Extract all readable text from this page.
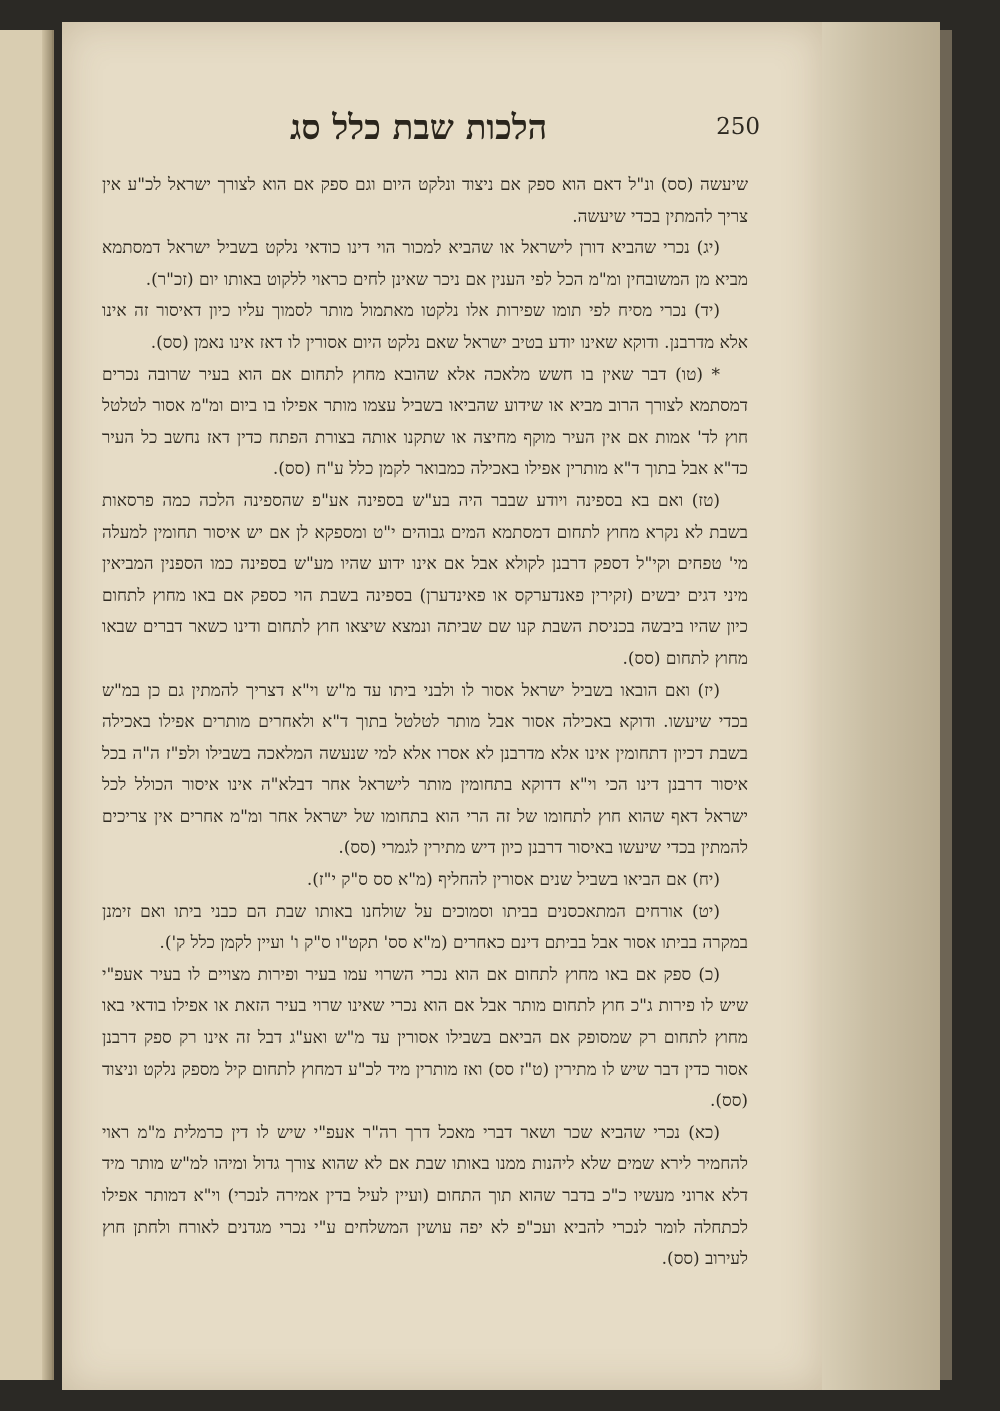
הלכות שבת כלל סג	250

שיעשה (סס) ונ"ל דאם הוא ספק אם ניצוד ונלקט היום וגם ספק אם הוא לצורך ישראל לכ"ע אין צריך להמתין בכדי שיעשה.

(יג) נכרי שהביא דורן לישראל או שהביא למכור הוי דינו כודאי נלקט בשביל ישראל דמסתמא מביא מן המשובחין ומ"מ הכל לפי הענין אם ניכר שאינן לחים כראוי ללקוט באותו יום (זכ"ר).

(יד) נכרי מסיח לפי תומו שפירות אלו נלקטו מאתמול מותר לסמוך עליו כיון דאיסור זה אינו אלא מדרבנן. ודוקא שאינו יודע בטיב ישראל שאם נלקט היום אסורין לו דאז אינו נאמן (סס).

* (טו) דבר שאין בו חשש מלאכה אלא שהובא מחוץ לתחום אם הוא בעיר שרובה נכרים דמסתמא לצורך הרוב מביא או שידוע שהביאו בשביל עצמו מותר אפילו בו ביום ומ"מ אסור לטלטל חוץ לד' אמות אם אין העיר מוקף מחיצה או שתקנו אותה בצורת הפתח כדין דאז נחשב כל העיר כד"א אבל בתוך ד"א מותרין אפילו באכילה כמבואר לקמן כלל ע"ח (סס).

(טז) ואם בא בספינה ויודע שבבר היה בע"ש בספינה אע"פ שהספינה הלכה כמה פרסאות בשבת לא נקרא מחוץ לתחום דמסתמא המים גבוהים י"ט ומספקא לן אם יש איסור תחומין למעלה מי' טפחים וקי"ל דספק דרבנן לקולא אבל אם אינו ידוע שהיו מע"ש בספינה כמו הספנין המביאין מיני דגים יבשים (זקירין פאנדערקס או פאינדערן) בספינה בשבת הוי כספק אם באו מחוץ לתחום כיון שהיו ביבשה בכניסת השבת קנו שם שביתה ונמצא שיצאו חוץ לתחום ודינו כשאר דברים שבאו מחוץ לתחום (סס).

(יז) ואם הובאו בשביל ישראל אסור לו ולבני ביתו עד מ"ש וי"א דצריך להמתין גם כן במ"ש בכדי שיעשו. ודוקא באכילה אסור אבל מותר לטלטל בתוך ד"א ולאחרים מותרים אפילו באכילה בשבת דכיון דתחומין אינו אלא מדרבנן לא אסרו אלא למי שנעשה המלאכה בשבילו ולפ"ז ה"ה בכל איסור דרבנן דינו הכי וי"א דדוקא בתחומין מותר לישראל אחר דבלא"ה אינו איסור הכולל לכל ישראל דאף שהוא חוץ לתחומו של זה הרי הוא בתחומו של ישראל אחר ומ"מ אחרים אין צריכים להמתין בכדי שיעשו באיסור דרבנן כיון דיש מתירין לגמרי (סס).

(יח) אם הביאו בשביל שנים אסורין להחליף (מ"א סס ס"ק י"ז).

(יט) אורחים המתאכסנים בביתו וסמוכים על שולחנו באותו שבת הם כבני ביתו ואם זימנן במקרה בביתו אסור אבל בביתם דינם כאחרים (מ"א סס' תקט"ו ס"ק ו' ועיין לקמן כלל ק').

(כ) ספק אם באו מחוץ לתחום אם הוא נכרי השרוי עמו בעיר ופירות מצויים לו בעיר אעפ"י שיש לו פירות ג"כ חוץ לתחום מותר אבל אם הוא נכרי שאינו שרוי בעיר הזאת או אפילו בודאי באו מחוץ לתחום רק שמסופק אם הביאם בשבילו אסורין עד מ"ש ואע"ג דבל זה אינו רק ספק דרבנן אסור כדין דבר שיש לו מתירין (ט"ז סס) ואז מותרין מיד לכ"ע דמחוץ לתחום קיל מספק נלקט וניצוד (סס).

(כא) נכרי שהביא שכר ושאר דברי מאכל דרך רה"ר אעפ"י שיש לו דין כרמלית מ"מ ראוי להחמיר לירא שמים שלא ליהנות ממנו באותו שבת אם לא שהוא צורך גדול ומיהו למ"ש מותר מיד דלא ארוני מעשיו כ"כ בדבר שהוא תוך התחום (ועיין לעיל בדין אמירה לנכרי) וי"א דמותר אפילו לכתחלה לומר לנכרי להביא ועכ"פ לא יפה עושין המשלחים ע"י נכרי מגדנים לאורח ולחתן חוץ לעירוב (סס).
